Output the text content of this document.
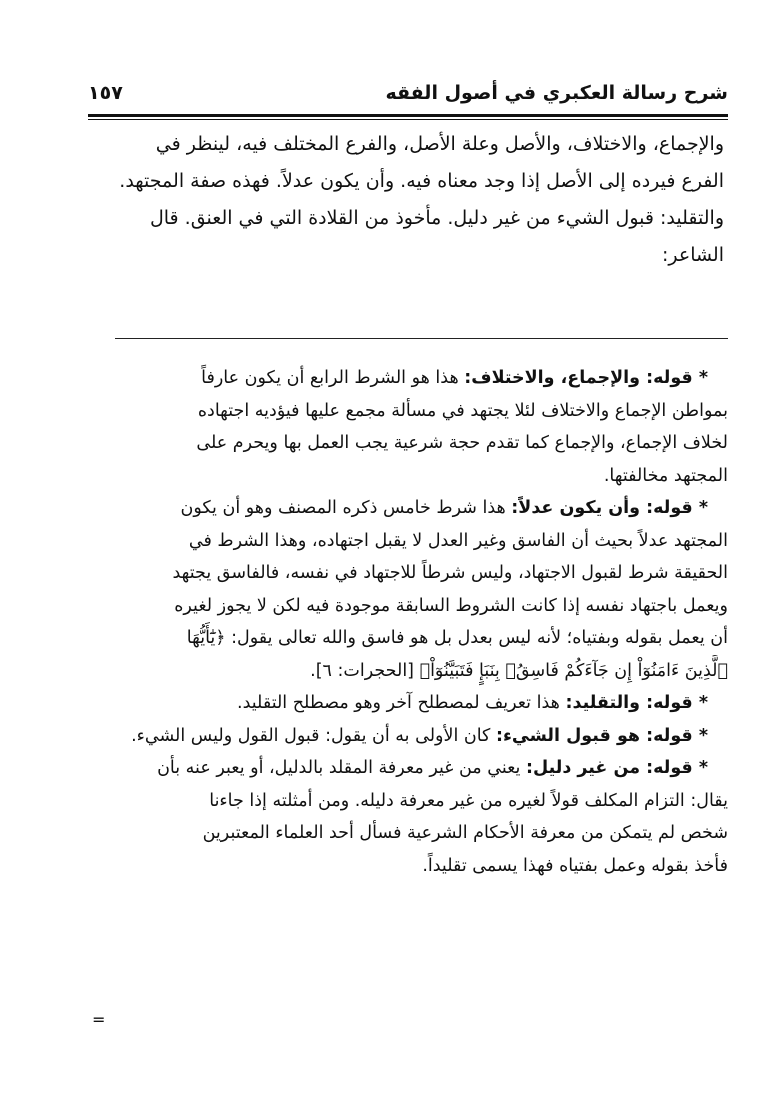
شرح رسالة العكبري في أصول الفقه
١٥٧
والإجماع، والاختلاف، والأصل وعلة الأصل، والفرع المختلف فيه، لينظر في
الفرع فيرده إلى الأصل إذا وجد معناه فيه. وأن يكون عدلاً. فهذه صفة المجتهد.
والتقليد: قبول الشيء من غير دليل. مأخوذ من القلادة التي في العنق. قال
الشاعر:
* قوله: والإجماع، والاختلاف: هذا هو الشرط الرابع أن يكون عارفاً
بمواطن الإجماع والاختلاف لئلا يجتهد في مسألة مجمع عليها فيؤديه اجتهاده
لخلاف الإجماع، والإجماع كما تقدم حجة شرعية يجب العمل بها ويحرم على
المجتهد مخالفتها.
* قوله: وأن يكون عدلاً: هذا شرط خامس ذكره المصنف وهو أن يكون
المجتهد عدلاً بحيث أن الفاسق وغير العدل لا يقبل اجتهاده، وهذا الشرط في
الحقيقة شرط لقبول الاجتهاد، وليس شرطاً للاجتهاد في نفسه، فالفاسق يجتهد
ويعمل باجتهاد نفسه إذا كانت الشروط السابقة موجودة فيه لكن لا يجوز لغيره
أن يعمل بقوله وبفتياه؛ لأنه ليس بعدل بل هو فاسق والله تعالى يقول: ﴿يَٰٓأَيُّهَا
ٱلَّذِينَ ءَامَنُوٓاْ إِن جَآءَكُمْ فَاسِقُۢ بِنَبَإٍ فَتَبَيَّنُوٓاْ﴾ [الحجرات: ٦].
* قوله: والتقليد: هذا تعريف لمصطلح آخر وهو مصطلح التقليد.
* قوله: هو قبول الشيء: كان الأولى به أن يقول: قبول القول وليس الشيء.
* قوله: من غير دليل: يعني من غير معرفة المقلد بالدليل، أو يعبر عنه بأن
يقال: التزام المكلف قولاً لغيره من غير معرفة دليله. ومن أمثلته إذا جاءنا
شخص لم يتمكن من معرفة الأحكام الشرعية فسأل أحد العلماء المعتبرين
فأخذ بقوله وعمل بفتياه فهذا يسمى تقليداً.
=
